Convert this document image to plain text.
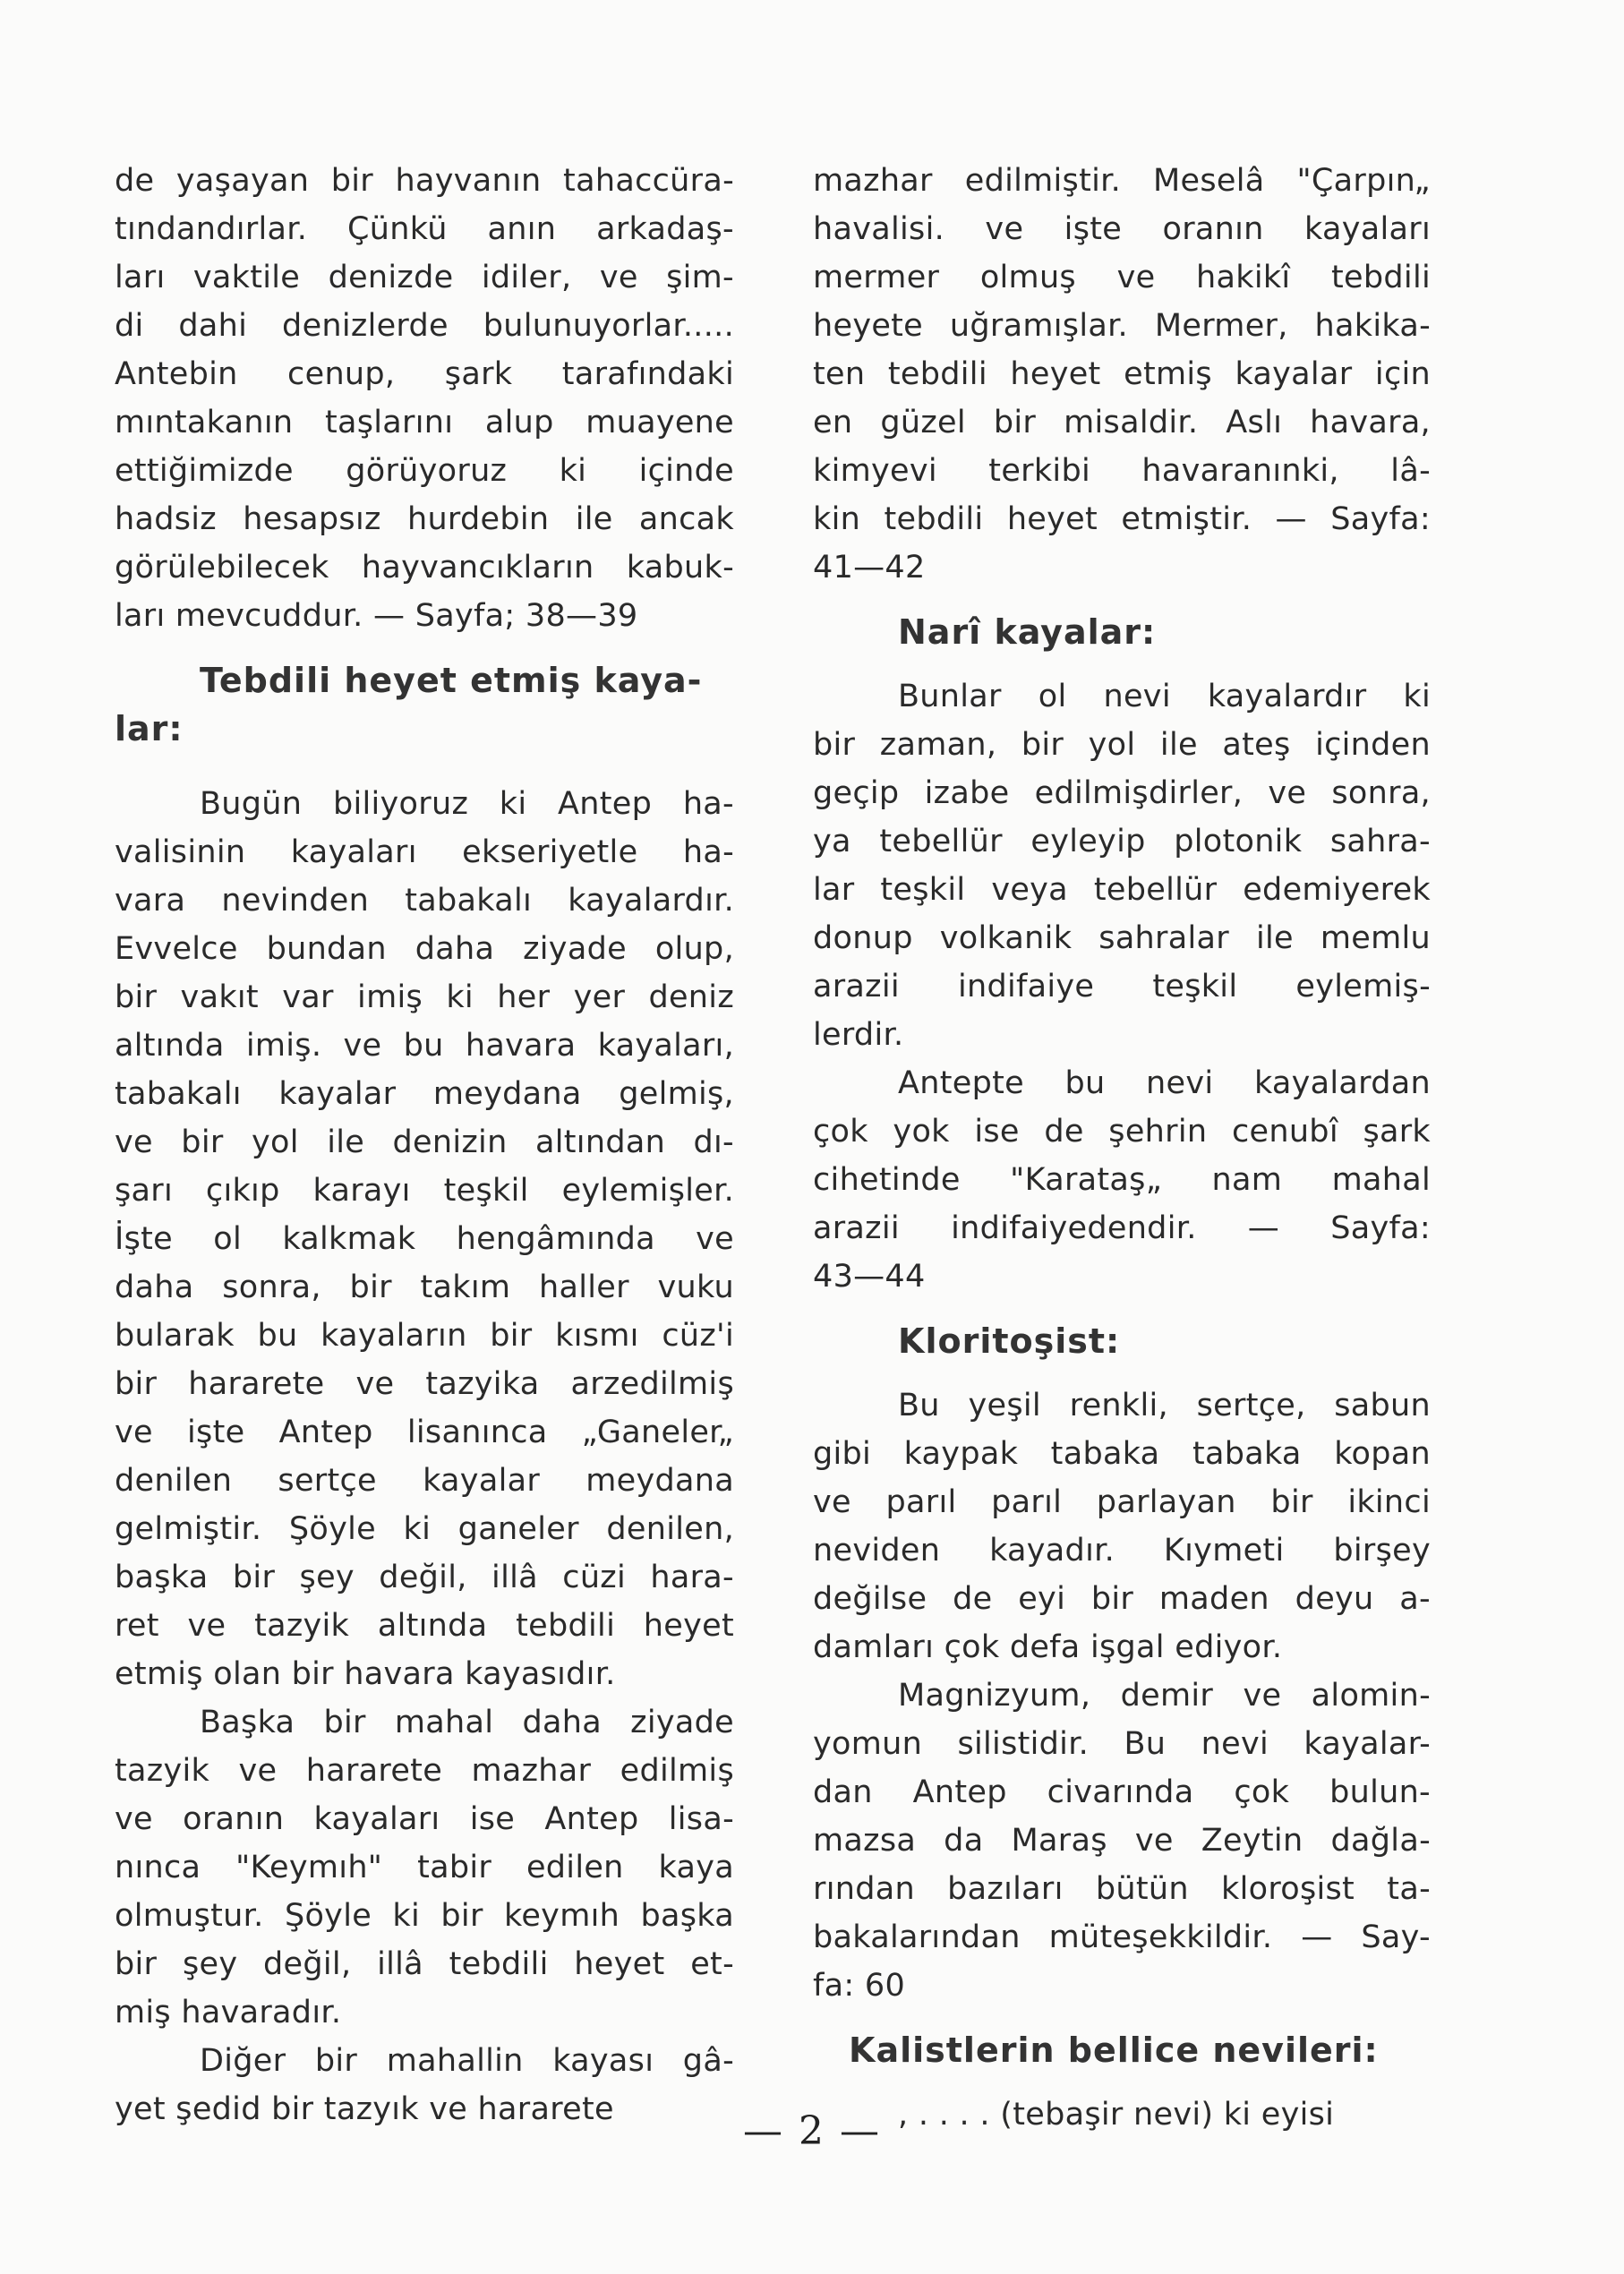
de yaşayan bir hayvanın tahaccüra-
tındandırlar. Çünkü anın arkadaş-
ları vaktile denizde idiler, ve şim-
di dahi denizlerde bulunuyorlar.....
Antebin cenup, şark tarafındaki
mıntakanın taşlarını alup muayene
ettiğimizde görüyoruz ki içinde
hadsiz hesapsız hurdebin ile ancak
görülebilecek hayvancıkların kabuk-
ları mevcuddur. — Sayfa; 38—39
Tebdili heyet etmiş kaya-
lar:
Bugün biliyoruz ki Antep ha-
valisinin kayaları ekseriyetle ha-
vara nevinden tabakalı kayalardır.
Evvelce bundan daha ziyade olup,
bir vakıt var imiş ki her yer deniz
altında imiş. ve bu havara kayaları,
tabakalı kayalar meydana gelmiş,
ve bir yol ile denizin altından dı-
şarı çıkıp karayı teşkil eylemişler.
İşte ol kalkmak hengâmında ve
daha sonra, bir takım haller vuku
bularak bu kayaların bir kısmı cüz'i
bir hararete ve tazyika arzedilmiş
ve işte Antep lisanınca „Ganeler„
denilen sertçe kayalar meydana
gelmiştir. Şöyle ki ganeler denilen,
başka bir şey değil, illâ cüzi hara-
ret ve tazyik altında tebdili heyet
etmiş olan bir havara kayasıdır.
Başka bir mahal daha ziyade
tazyik ve hararete mazhar edilmiş
ve oranın kayaları ise Antep lisa-
nınca "Keymıh" tabir edilen kaya
olmuştur. Şöyle ki bir keymıh başka
bir şey değil, illâ tebdili heyet et-
miş havaradır.
Diğer bir mahallin kayası gâ-
yet şedid bir tazyık ve hararete
mazhar edilmiştir. Meselâ "Çarpın„
havalisi. ve işte oranın kayaları
mermer olmuş ve hakikî tebdili
heyete uğramışlar. Mermer, hakika-
ten tebdili heyet etmiş kayalar için
en güzel bir misaldir. Aslı havara,
kimyevi terkibi havaranınki, lâ-
kin tebdili heyet etmiştir. — Sayfa:
41—42
Narî kayalar:
Bunlar ol nevi kayalardır ki
bir zaman, bir yol ile ateş içinden
geçip izabe edilmişdirler, ve sonra,
ya tebellür eyleyip plotonik sahra-
lar teşkil veya tebellür edemiyerek
donup volkanik sahralar ile memlu
arazii indifaiye teşkil eylemiş-
lerdir.
Antepte bu nevi kayalardan
çok yok ise de şehrin cenubî şark
cihetinde "Karataş„ nam mahal
arazii indifaiyedendir. — Sayfa:
43—44
Kloritoşist:
Bu yeşil renkli, sertçe, sabun
gibi kaypak tabaka tabaka kopan
ve parıl parıl parlayan bir ikinci
neviden kayadır. Kıymeti birşey
değilse de eyi bir maden deyu a-
damları çok defa işgal ediyor.
Magnizyum, demir ve alomin-
yomun silistidir. Bu nevi kayalar-
dan Antep civarında çok bulun-
mazsa da Maraş ve Zeytin dağla-
rından bazıları bütün kloroşist ta-
bakalarından müteşekkildir. — Say-
fa: 60
Kalistlerin bellice nevileri:
, . . . . (tebaşir nevi) ki eyisi
— 2 —
